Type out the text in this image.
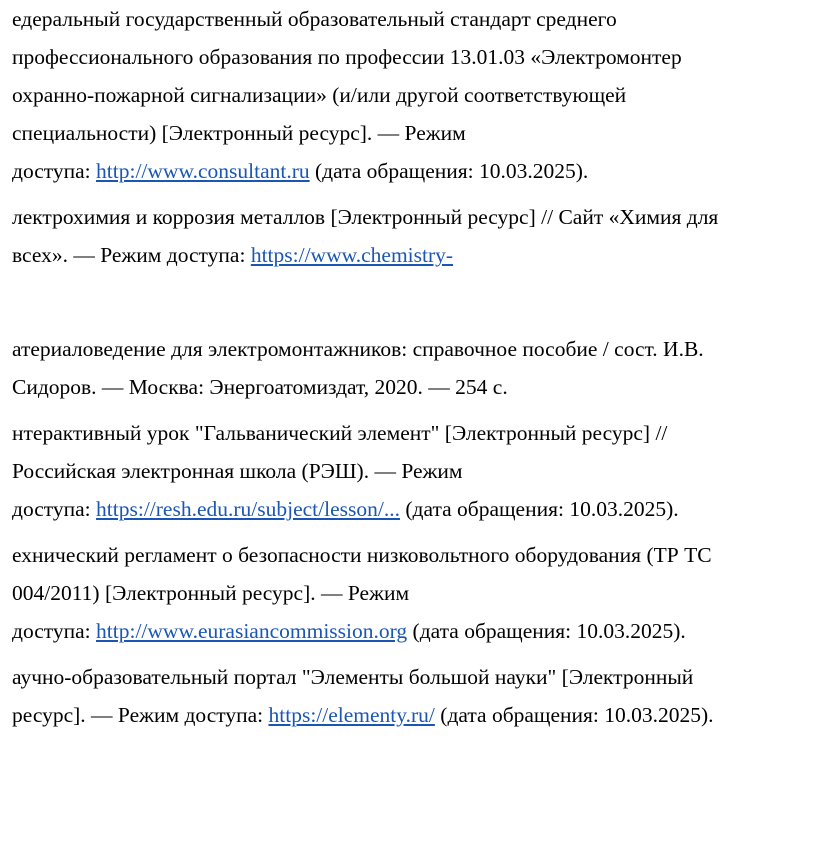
едеральный государственный образовательный стандарт среднего
профессионального образования по профессии 13.01.03 «Электромонтер
охранно-пожарной сигнализации» (и/или другой соответствующей
специальности) [Электронный ресурс]. — Режим
доступа: http://www.consultant.ru (дата обращения: 10.03.2025).

лектрохимия и коррозия металлов [Электронный ресурс] // Сайт «Химия для
всех». — Режим доступа: https://www.chemistry-

атериаловедение для электромонтажников: справочное пособие / сост. И.В.
Сидоров. — Москва: Энергоатомиздат, 2020. — 254 с.

нтерактивный урок "Гальванический элемент" [Электронный ресурс] //
Российская электронная школа (РЭШ). — Режим
доступа: https://resh.edu.ru/subject/lesson/... (дата обращения: 10.03.2025).

ехнический регламент о безопасности низковольтного оборудования (ТР ТС
004/2011) [Электронный ресурс]. — Режим
доступа: http://www.eurasiancommission.org (дата обращения: 10.03.2025).

аучно-образовательный портал "Элементы большой науки" [Электронный
ресурс]. — Режим доступа: https://elementy.ru/ (дата обращения: 10.03.2025).
